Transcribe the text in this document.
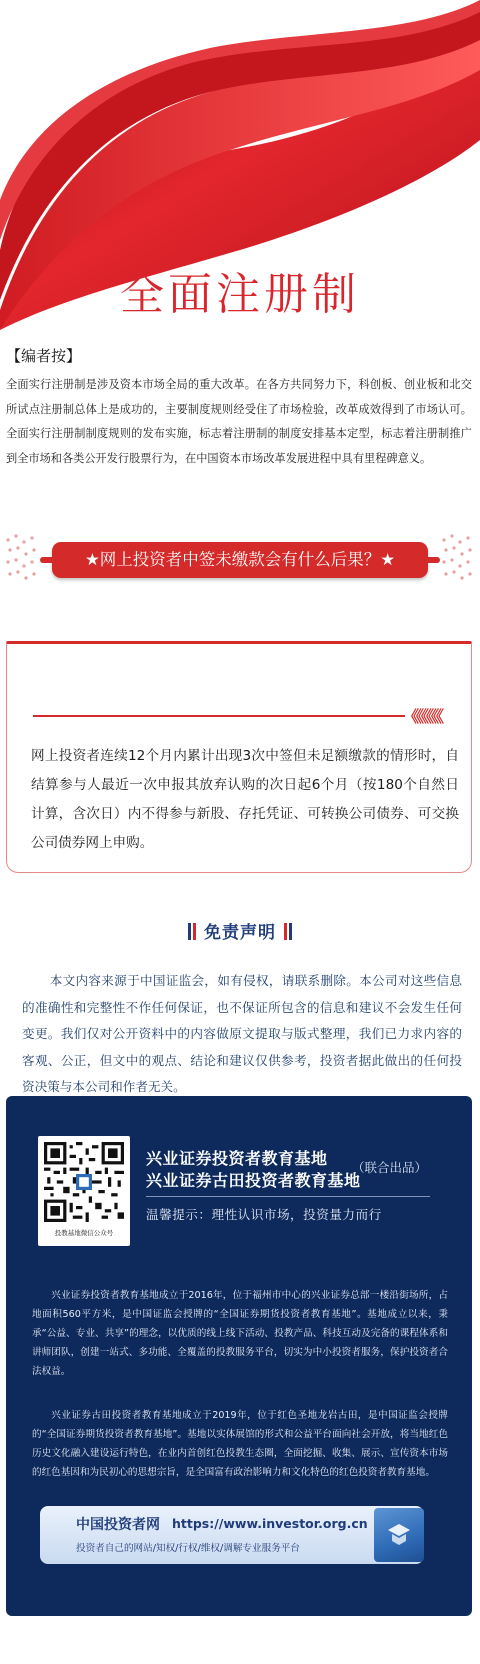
全面注册制
【编者按】
全面实行注册制是涉及资本市场全局的重大改革。在各方共同努力下，科创板、创业板和北交所试点注册制总体上是成功的，主要制度规则经受住了市场检验，改革成效得到了市场认可。全面实行注册制制度规则的发布实施，标志着注册制的制度安排基本定型，标志着注册制推广到全市场和各类公开发行股票行为，在中国资本市场改革发展进程中具有里程碑意义。
★网上投资者中签未缴款会有什么后果？★
《《《《《《
网上投资者连续12个月内累计出现3次中签但未足额缴款的情形时，自结算参与人最近一次申报其放弃认购的次日起6个月（按180个自然日计算，含次日）内不得参与新股、存托凭证、可转换公司债券、可交换公司债券网上申购。
免责声明
本文内容来源于中国证监会，如有侵权，请联系删除。本公司对这些信息的准确性和完整性不作任何保证，也不保证所包含的信息和建议不会发生任何变更。我们仅对公开资料中的内容做原文提取与版式整理，我们已力求内容的客观、公正，但文中的观点、结论和建议仅供参考，投资者据此做出的任何投资决策与本公司和作者无关。
投教基地微信公众号
兴业证券投资者教育基地
兴业证券古田投资者教育基地
（联合出品）
温馨提示：理性认识市场，投资量力而行
兴业证券投资者教育基地成立于2016年，位于福州市中心的兴业证券总部一楼沿街场所，占地面积560平方米，是中国证监会授牌的“全国证券期货投资者教育基地”。基地成立以来，秉承“公益、专业、共享”的理念，以优质的线上线下活动、投教产品、科技互动及完备的课程体系和讲师团队，创建一站式、多功能、全覆盖的投教服务平台，切实为中小投资者服务，保护投资者合法权益。
兴业证券古田投资者教育基地成立于2019年，位于红色圣地龙岩古田，是中国证监会授牌的“全国证券期货投资者教育基地”。基地以实体展馆的形式和公益平台面向社会开放，将当地红色历史文化融入建设运行特色，在业内首创红色投教生态圈，全面挖掘、收集、展示、宣传资本市场的红色基因和为民初心的思想宗旨，是全国富有政治影响力和文化特色的红色投资者教育基地。
中国投资者网 https://www.investor.org.cn
投资者自己的网站/知权/行权/维权/调解专业服务平台
